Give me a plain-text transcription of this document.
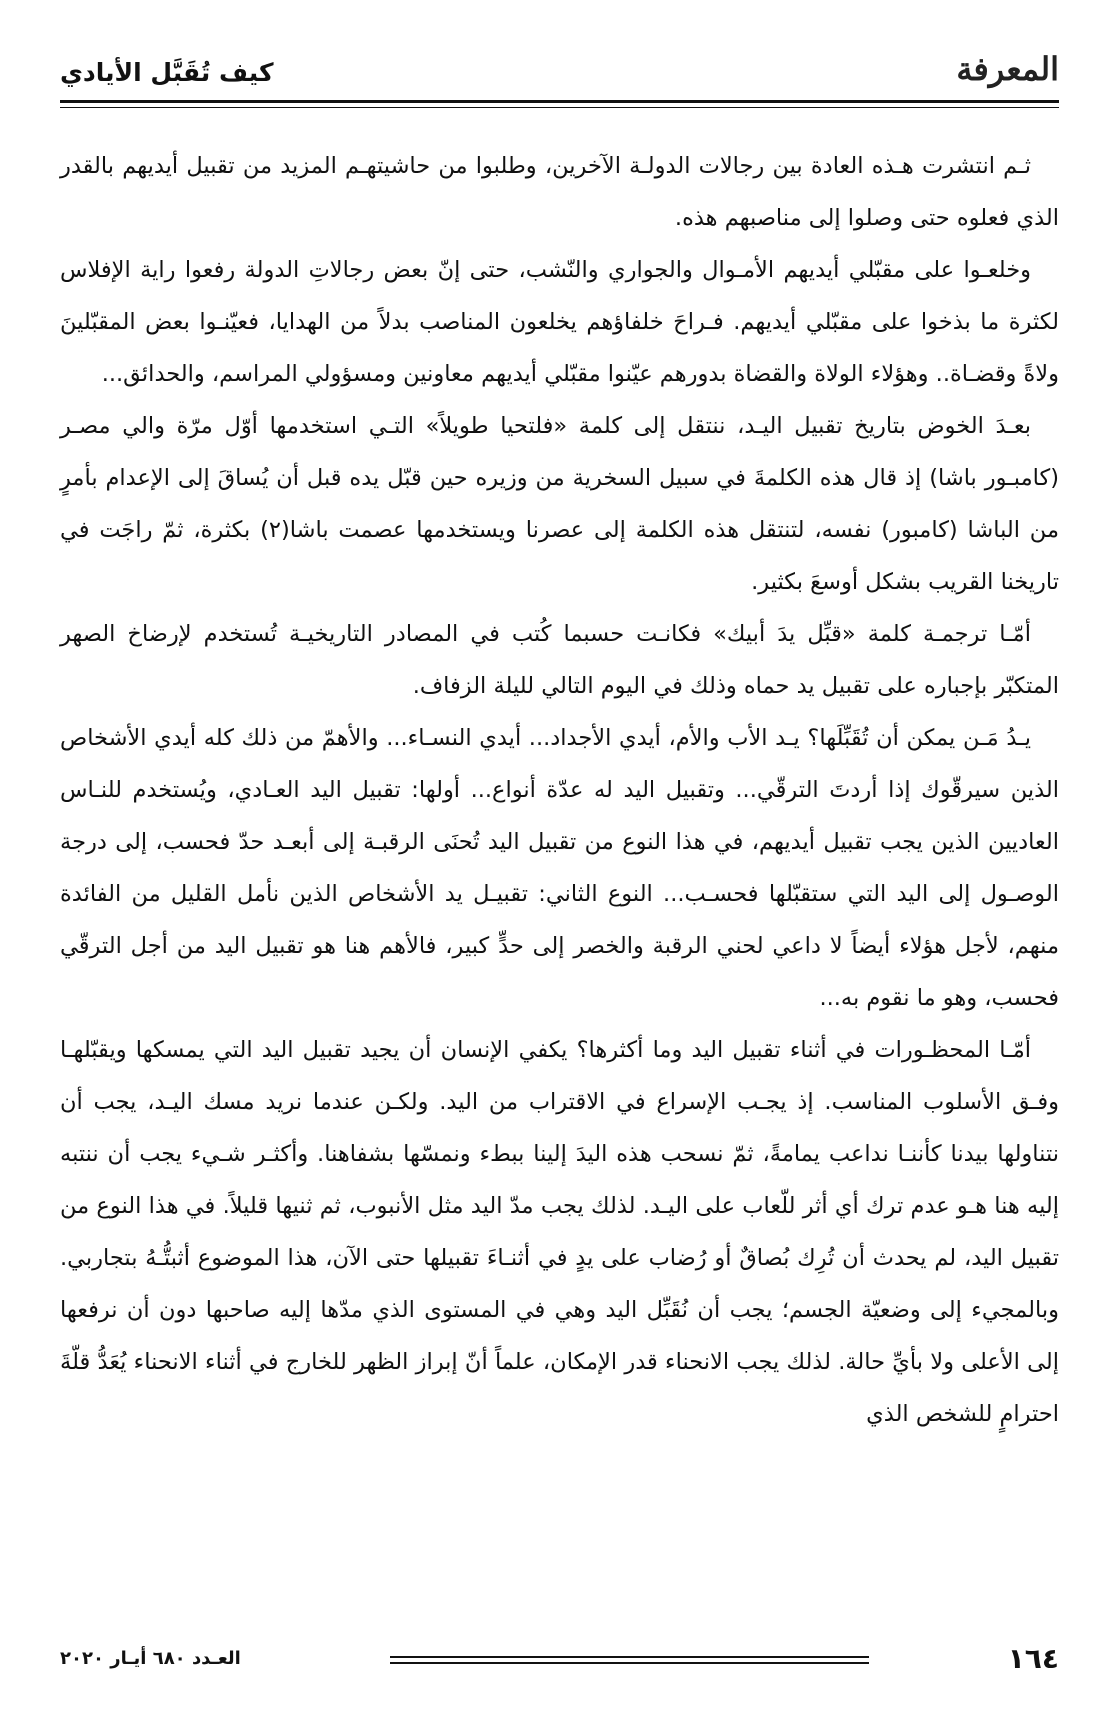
المعرفة
كيف تُقَبَّل الأيادي

ثـم انتشرت هـذه العادة بين رجالات الدولـة الآخرين، وطلبوا من حاشيتهـم المزيد من تقبيل أيديهم بالقدر الذي فعلوه حتى وصلوا إلى مناصبهم هذه.

وخلعـوا على مقبّلي أيديهم الأمـوال والجواري والنّشب، حتى إنّ بعض رجالاتِ الدولة رفعوا راية الإفلاس لكثرة ما بذخوا على مقبّلي أيديهم. فـراحَ خلفاؤهم يخلعون المناصب بدلاً من الهدايا، فعيّنـوا بعض المقبّلينَ ولاةً وقضـاة.. وهؤلاء الولاة والقضاة بدورهم عيّنوا مقبّلي أيديهم معاونين ومسؤولي المراسم، والحدائق...

بعـدَ الخوض بتاريخ تقبيل اليـد، ننتقل إلى كلمة «فلتحيا طويلاً» التـي استخدمها أوّل مرّة والي مصـر (كامبـور باشا) إذ قال هذه الكلمةَ في سبيل السخرية من وزيره حين قبّل يده قبل أن يُساقَ إلى الإعدام بأمرٍ من الباشا (كامبور) نفسه، لتنتقل هذه الكلمة إلى عصرنا ويستخدمها عصمت باشا(٢) بكثرة، ثمّ راجَت في تاريخنا القريب بشكل أوسعَ بكثير.

أمّـا ترجمـة كلمة «قبِّل يدَ أبيك» فكانـت حسبما كُتب في المصادر التاريخيـة تُستخدم لإرضاخ الصهر المتكبّر بإجباره على تقبيل يد حماه وذلك في اليوم التالي لليلة الزفاف.

يـدُ مَـن يمكن أن تُقَبِّلَها؟ يـد الأب والأم، أيدي الأجداد... أيدي النسـاء... والأهمّ من ذلك كله أيدي الأشخاص الذين سيرقّوك إذا أردتَ الترقّي... وتقبيل اليد له عدّة أنواع... أولها: تقبيل اليد العـادي، ويُستخدم للنـاس العاديين الذين يجب تقبيل أيديهم، في هذا النوع من تقبيل اليد تُحنَى الرقبـة إلى أبعـد حدّ فحسب، إلى درجة الوصـول إلى اليد التي ستقبّلها فحسـب... النوع الثاني: تقبيـل يد الأشخاص الذين نأمل القليل من الفائدة منهم، لأجل هؤلاء أيضاً لا داعي لحني الرقبة والخصر إلى حدٍّ كبير، فالأهم هنا هو تقبيل اليد من أجل الترقّي فحسب، وهو ما نقوم به...

أمّـا المحظـورات في أثناء تقبيل اليد وما أكثرها؟ يكفي الإنسان أن يجيد تقبيل اليد التي يمسكها ويقبّلهـا وفـق الأسلوب المناسب. إذ يجـب الإسراع في الاقتراب من اليد. ولكـن عندما نريد مسك اليـد، يجب أن نتناولها بيدنا كأننـا نداعب يمامةً، ثمّ نسحب هذه اليدَ إلينا ببطء ونمسّها بشفاهنا. وأكثـر شـيء يجب أن ننتبه إليه هنا هـو عدم ترك أي أثر للّعاب على اليـد. لذلك يجب مدّ اليد مثل الأنبوب، ثم ثنيها قليلاً. في هذا النوع من تقبيل اليد، لم يحدث أن تُرِك بُصاقٌ أو رُضاب على يدٍ في أثنـاءَ تقبيلها حتى الآن، هذا الموضوع أثبتُّـهُ بتجاربي. وبالمجيء إلى وضعيّة الجسم؛ يجب أن نُقَبِّل اليد وهي في المستوى الذي مدّها إليه صاحبها دون أن نرفعها إلى الأعلى ولا بأيِّ حالة. لذلك يجب الانحناء قدر الإمكان، علماً أنّ إبراز الظهر للخارج في أثناء الانحناء يُعَدُّ قلّةَ احترامٍ للشخص الذي

١٦٤
العـدد ٦٨٠ أيـار ٢٠٢٠
